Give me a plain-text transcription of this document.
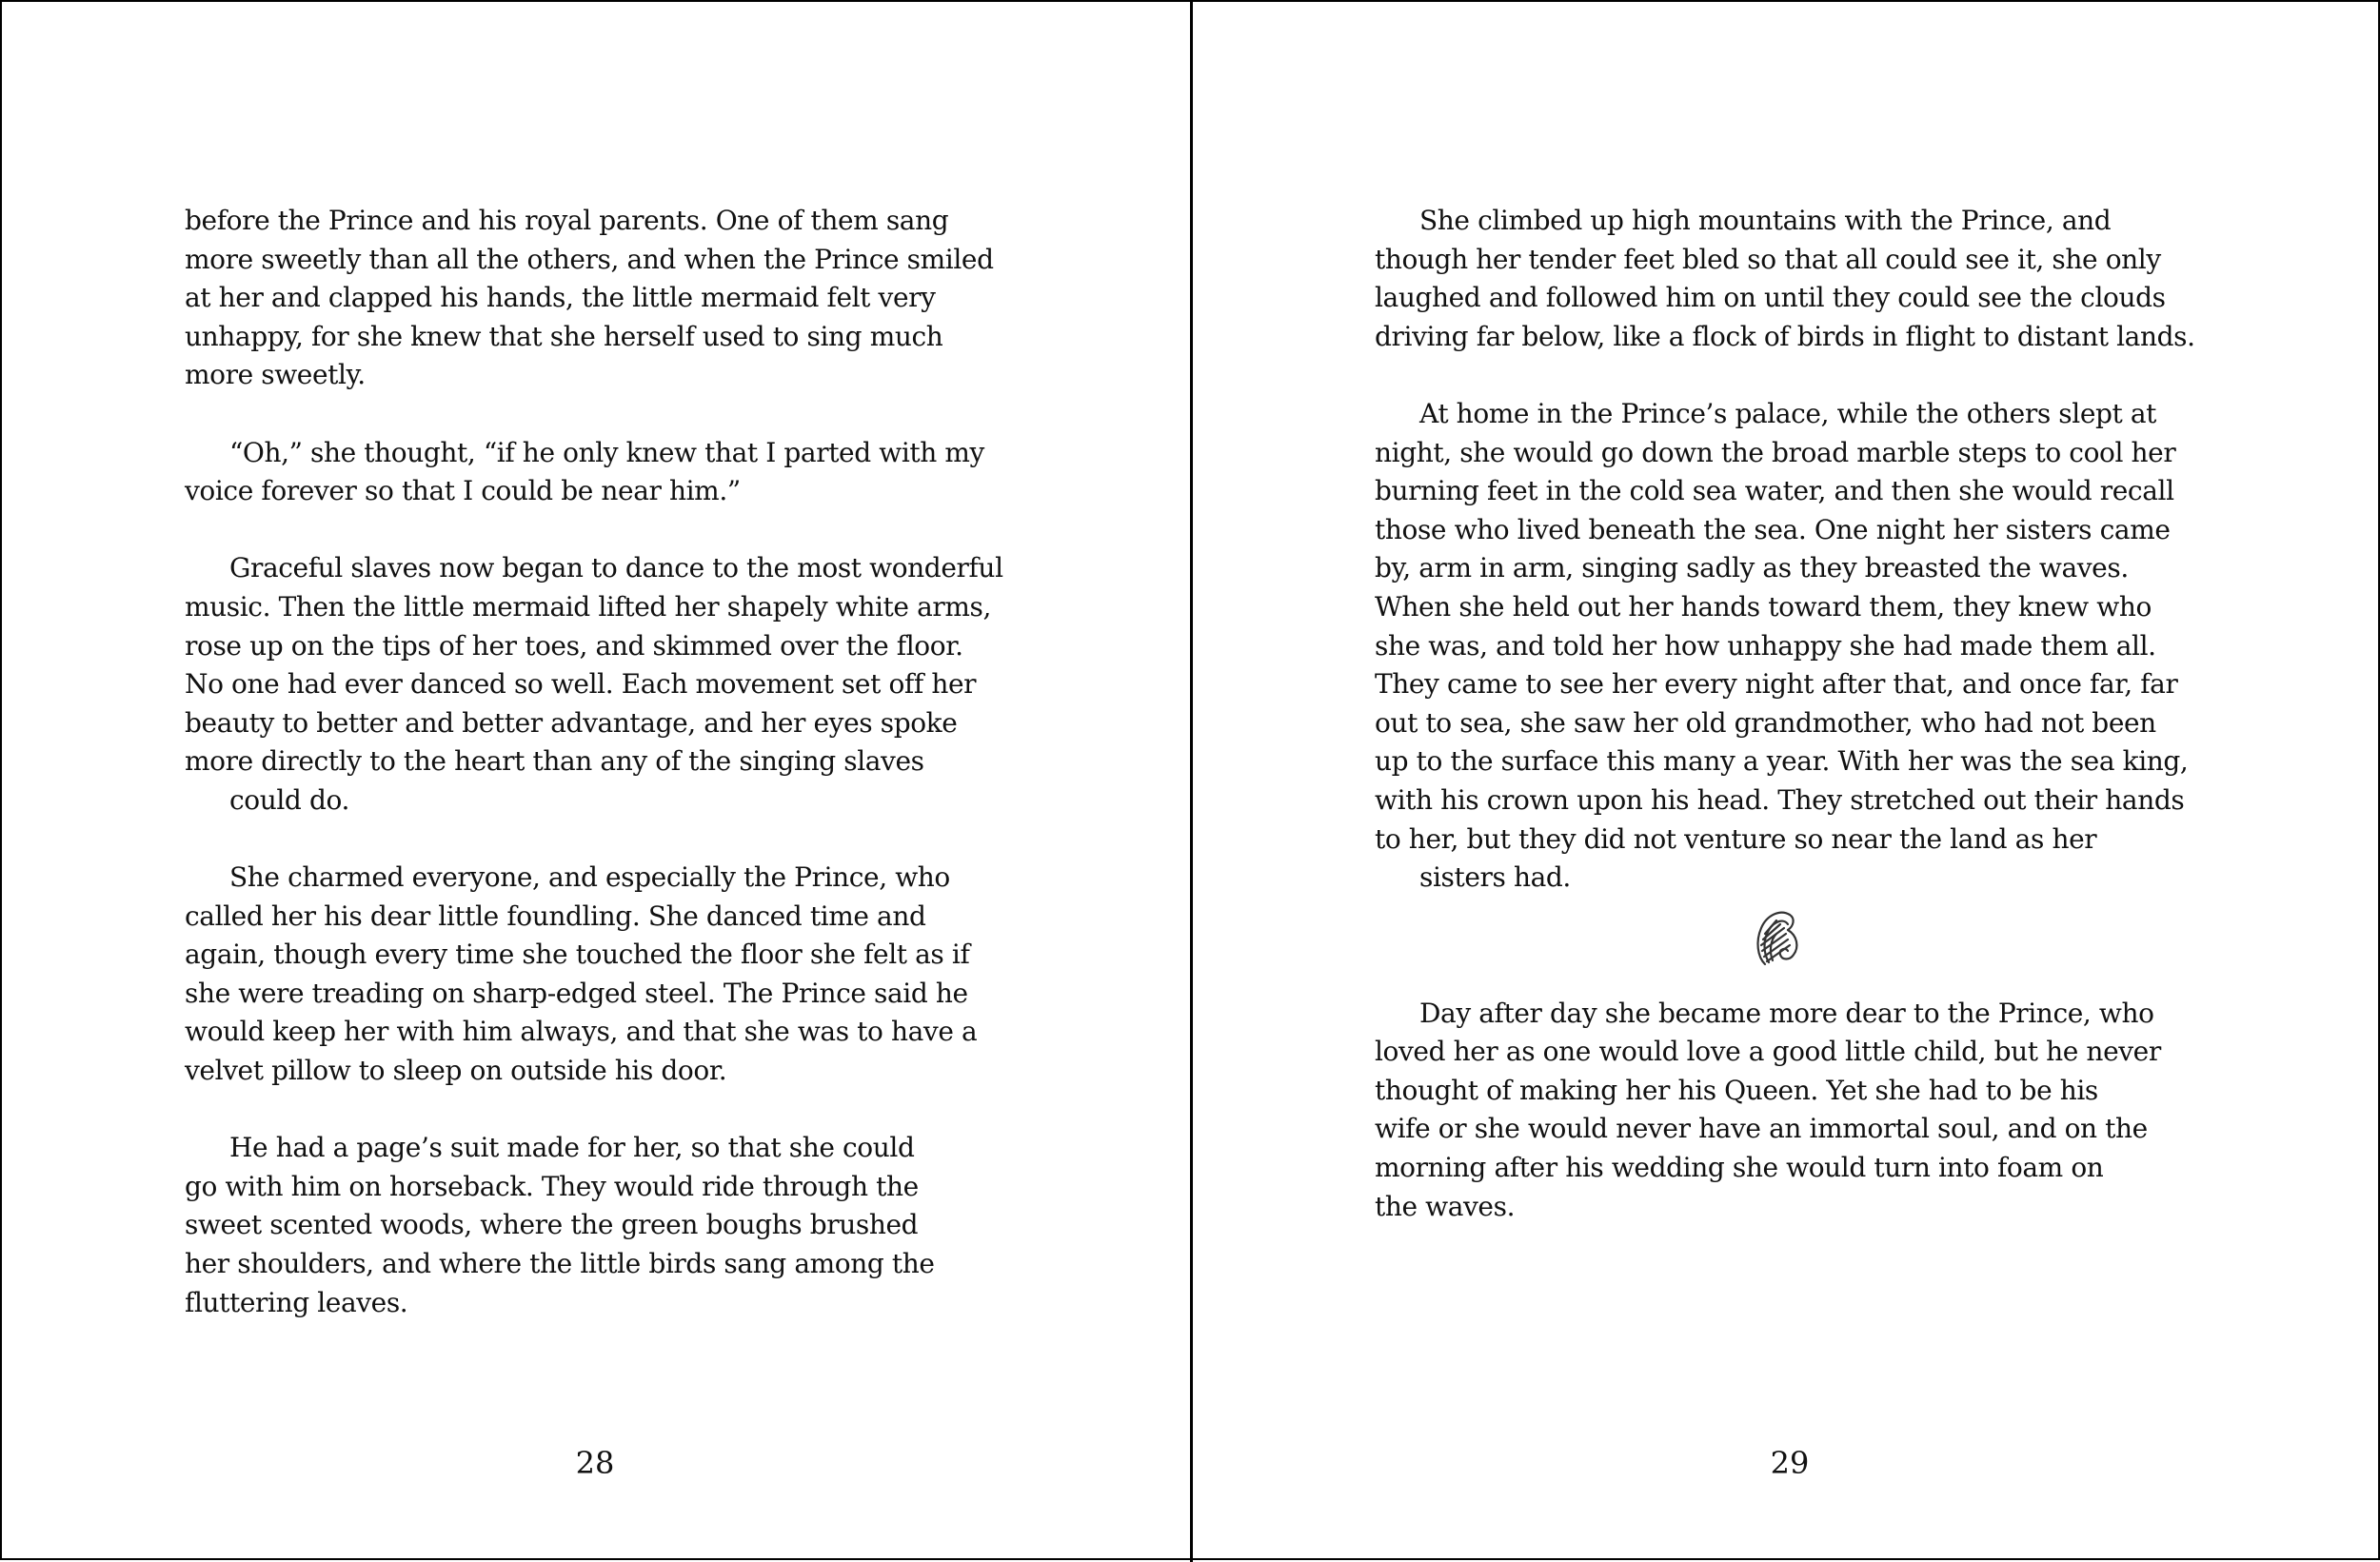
before the Prince and his royal parents. One of them sang
more sweetly than all the others, and when the Prince smiled
at her and clapped his hands, the little mermaid felt very
unhappy, for she knew that she herself used to sing much
more sweetly.
“Oh,” she thought, “if he only knew that I parted with my
voice forever so that I could be near him.”
Graceful slaves now began to dance to the most wonderful
music. Then the little mermaid lifted her shapely white arms,
rose up on the tips of her toes, and skimmed over the floor.
No one had ever danced so well. Each movement set off her
beauty to better and better advantage, and her eyes spoke
more directly to the heart than any of the singing slaves
could do.
She charmed everyone, and especially the Prince, who
called her his dear little foundling. She danced time and
again, though every time she touched the floor she felt as if
she were treading on sharp-edged steel. The Prince said he
would keep her with him always, and that she was to have a
velvet pillow to sleep on outside his door.
He had a page’s suit made for her, so that she could
go with him on horseback. They would ride through the
sweet scented woods, where the green boughs brushed
her shoulders, and where the little birds sang among the
fluttering leaves.
28
She climbed up high mountains with the Prince, and
though her tender feet bled so that all could see it, she only
laughed and followed him on until they could see the clouds
driving far below, like a flock of birds in flight to distant lands.
At home in the Prince’s palace, while the others slept at
night, she would go down the broad marble steps to cool her
burning feet in the cold sea water, and then she would recall
those who lived beneath the sea. One night her sisters came
by, arm in arm, singing sadly as they breasted the waves.
When she held out her hands toward them, they knew who
she was, and told her how unhappy she had made them all.
They came to see her every night after that, and once far, far
out to sea, she saw her old grandmother, who had not been
up to the surface this many a year. With her was the sea king,
with his crown upon his head. They stretched out their hands
to her, but they did not venture so near the land as her
sisters had.
Day after day she became more dear to the Prince, who
loved her as one would love a good little child, but he never
thought of making her his Queen. Yet she had to be his
wife or she would never have an immortal soul, and on the
morning after his wedding she would turn into foam on
the waves.
29
